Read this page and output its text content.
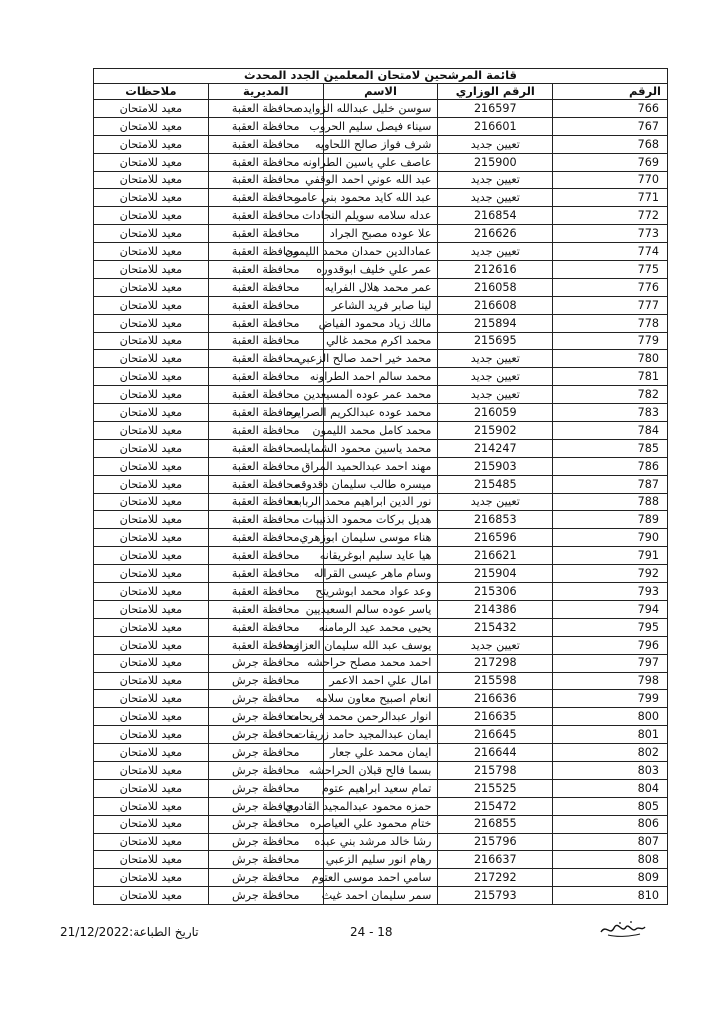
قائمة المرشحين لامتحان المعلمين الجدد المحدث				
الرقم	الرقم الوزاري	الاسم	المديرية	ملاحظات
766	216597	سوسن خليل عبدالله الزوايده	محافظة العقبة	معيد للامتحان
767	216601	سيناء فيصل سليم الحروب	محافظة العقبة	معيد للامتحان
768	تعيين جديد	شرف فواز صالح اللحاويه	محافظة العقبة	معيد للامتحان
769	215900	عاصف علي ياسين الطراونه	محافظة العقبة	معيد للامتحان
770	تعيين جديد	عبد الله عوني احمد الوقفي	محافظة العقبة	معيد للامتحان
771	تعيين جديد	عبد الله كايد محمود بني عامر	محافظة العقبة	معيد للامتحان
772	216854	عدله سلامه سويلم النجادات	محافظة العقبة	معيد للامتحان
773	216626	علا عوده مصبح الجراد	محافظة العقبة	معيد للامتحان
774	تعيين جديد	عمادالدين حمدان محمد الليمون	محافظة العقبة	معيد للامتحان
775	212616	عمر علي خليف ابوقدوره	محافظة العقبة	معيد للامتحان
776	216058	عمر محمد هلال الفرايه	محافظة العقبة	معيد للامتحان
777	216608	لينا صابر فريد الشاعر	محافظة العقبة	معيد للامتحان
778	215894	مالك زياد محمود الفياض	محافظة العقبة	معيد للامتحان
779	215695	محمد اكرم محمد غالي	محافظة العقبة	معيد للامتحان
780	تعيين جديد	محمد خير احمد صالح الزعبي	محافظة العقبة	معيد للامتحان
781	تعيين جديد	محمد سالم احمد الطراونه	محافظة العقبة	معيد للامتحان
782	تعيين جديد	محمد عمر عوده المسيعدين	محافظة العقبة	معيد للامتحان
783	216059	محمد عوده عبدالكريم الصرايره	محافظة العقبة	معيد للامتحان
784	215902	محمد كامل محمد الليمون	محافظة العقبة	معيد للامتحان
785	214247	محمد ياسين محمود الشمايله	محافظة العقبة	معيد للامتحان
786	215903	مهند احمد عبدالحميد المراق	محافظة العقبة	معيد للامتحان
787	215485	ميسره طالب سليمان دقدوقه	محافظة العقبة	معيد للامتحان
788	تعيين جديد	نور الدين ابراهيم محمد الربابعه	محافظة العقبة	معيد للامتحان
789	216853	هديل بركات محمود الذنيبات	محافظة العقبة	معيد للامتحان
790	216596	هناء موسى سليمان ابوزهري	محافظة العقبة	معيد للامتحان
791	216621	هيا عايد سليم ابوغريقانه	محافظة العقبة	معيد للامتحان
792	215904	وسام ماهر عيسى القراله	محافظة العقبة	معيد للامتحان
793	215306	وعد عواد محمد ابوشريتح	محافظة العقبة	معيد للامتحان
794	214386	ياسر عوده سالم السعيديين	محافظة العقبة	معيد للامتحان
795	215432	يحيى محمد عيد الرمامنه	محافظة العقبة	معيد للامتحان
796	تعيين جديد	يوسف عبد الله سليمان العزازمه	محافظة العقبة	معيد للامتحان
797	217298	احمد محمد مصلح حراحشه	محافظة جرش	معيد للامتحان
798	215598	امال علي احمد الاعمر	محافظة جرش	معيد للامتحان
799	216636	انعام اصبيح معاون سلامه	محافظة جرش	معيد للامتحان
800	216635	انوار عبدالرحمن محمد فريحات	محافظة جرش	معيد للامتحان
801	216645	ايمان عبدالمجيد حامد زريقات	محافظة جرش	معيد للامتحان
802	216644	ايمان محمد علي جعار	محافظة جرش	معيد للامتحان
803	215798	بسما فالح قبلان الحراحشه	محافظة جرش	معيد للامتحان
804	215525	تمام سعيد ابراهيم عتوم	محافظة جرش	معيد للامتحان
805	215472	حمزه محمود عبدالمجيد القادري	محافظة جرش	معيد للامتحان
806	216855	ختام محمود علي العياصره	محافظة جرش	معيد للامتحان
807	215796	رشا خالد مرشد بني عبده	محافظة جرش	معيد للامتحان
808	216637	رهام انور سليم الزعبي	محافظة جرش	معيد للامتحان
809	217292	سامي احمد موسى العتوم	محافظة جرش	معيد للامتحان
810	215793	سمر سليمان احمد غيث	محافظة جرش	معيد للامتحان
تاريخ الطباعة:21/12/2022	24 - 18
